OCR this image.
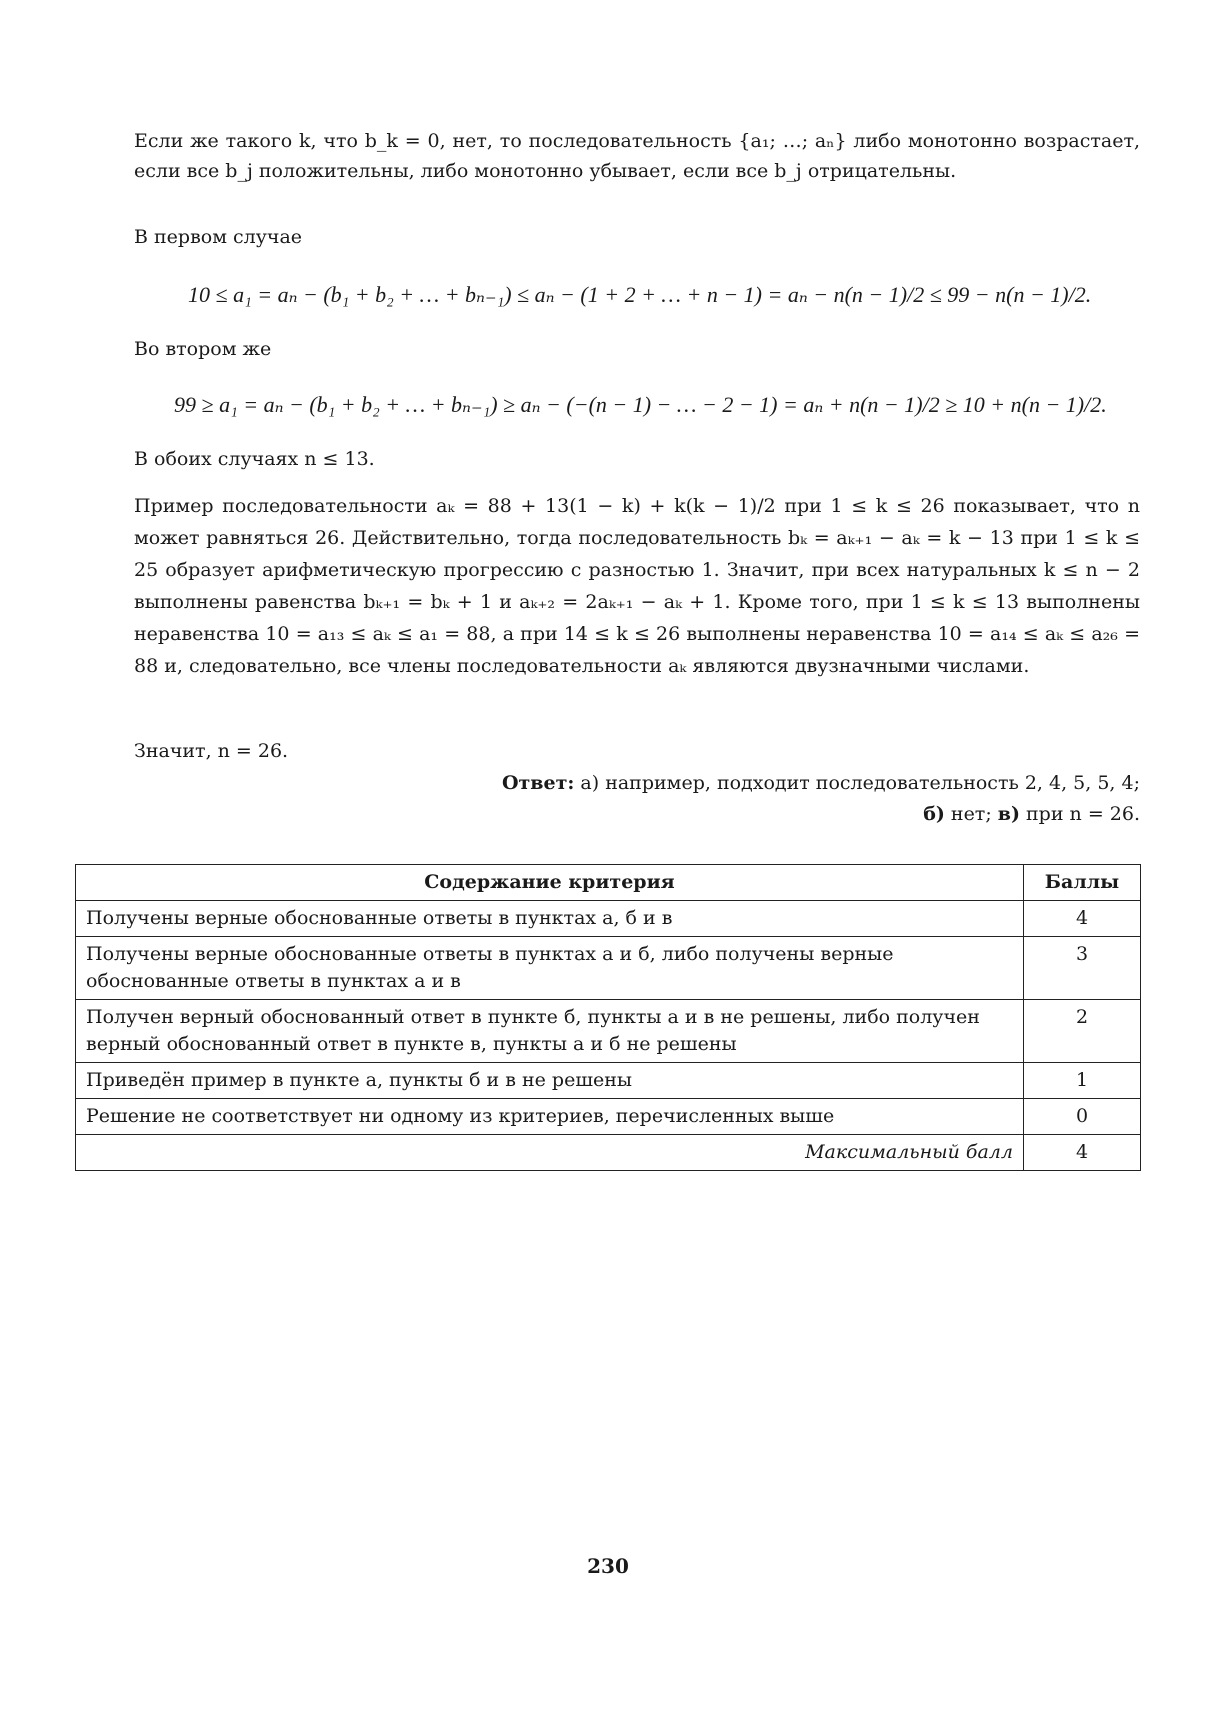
Если же такого k, что b_k = 0, нет, то последовательность {a₁; …; aₙ} либо монотонно возрастает, если все b_j положительны, либо монотонно убывает, если все b_j отрицательны.

В первом случае

10 ≤ a₁ = aₙ − (b₁ + b₂ + … + bₙ₋₁) ≤ aₙ − (1 + 2 + … + n − 1) = aₙ − n(n − 1)/2 ≤ 99 − n(n − 1)/2.

Во втором же

99 ≥ a₁ = aₙ − (b₁ + b₂ + … + bₙ₋₁) ≥ aₙ − (−(n − 1) − … − 2 − 1) = aₙ + n(n − 1)/2 ≥ 10 + n(n − 1)/2.

В обоих случаях n ≤ 13.

Пример последовательности aₖ = 88 + 13(1 − k) + k(k − 1)/2 при 1 ≤ k ≤ 26 показывает, что n может равняться 26. Действительно, тогда последовательность bₖ = aₖ₊₁ − aₖ = k − 13 при 1 ≤ k ≤ 25 образует арифметическую прогрессию с разностью 1. Значит, при всех натуральных k ≤ n − 2 выполнены равенства bₖ₊₁ = bₖ + 1 и aₖ₊₂ = 2aₖ₊₁ − aₖ + 1. Кроме того, при 1 ≤ k ≤ 13 выполнены неравенства 10 = a₁₃ ≤ aₖ ≤ a₁ = 88, а при 14 ≤ k ≤ 26 выполнены неравенства 10 = a₁₄ ≤ aₖ ≤ a₂₆ = 88 и, следовательно, все члены последовательности aₖ являются двузначными числами.

Значит, n = 26.

Ответ: а) например, подходит последовательность 2, 4, 5, 5, 4;
б) нет; в) при n = 26.
Содержание критерия	Баллы
Получены верные обоснованные ответы в пунктах а, б и в	4
Получены верные обоснованные ответы в пунктах а и б, либо получены верные обоснованные ответы в пунктах а и в	3
Получен верный обоснованный ответ в пункте б, пункты а и в не решены, либо получен верный обоснованный ответ в пункте в, пункты а и б не решены	2
Приведён пример в пункте а, пункты б и в не решены	1
Решение не соответствует ни одному из критериев, перечисленных выше	0
Максимальный балл	4
230
